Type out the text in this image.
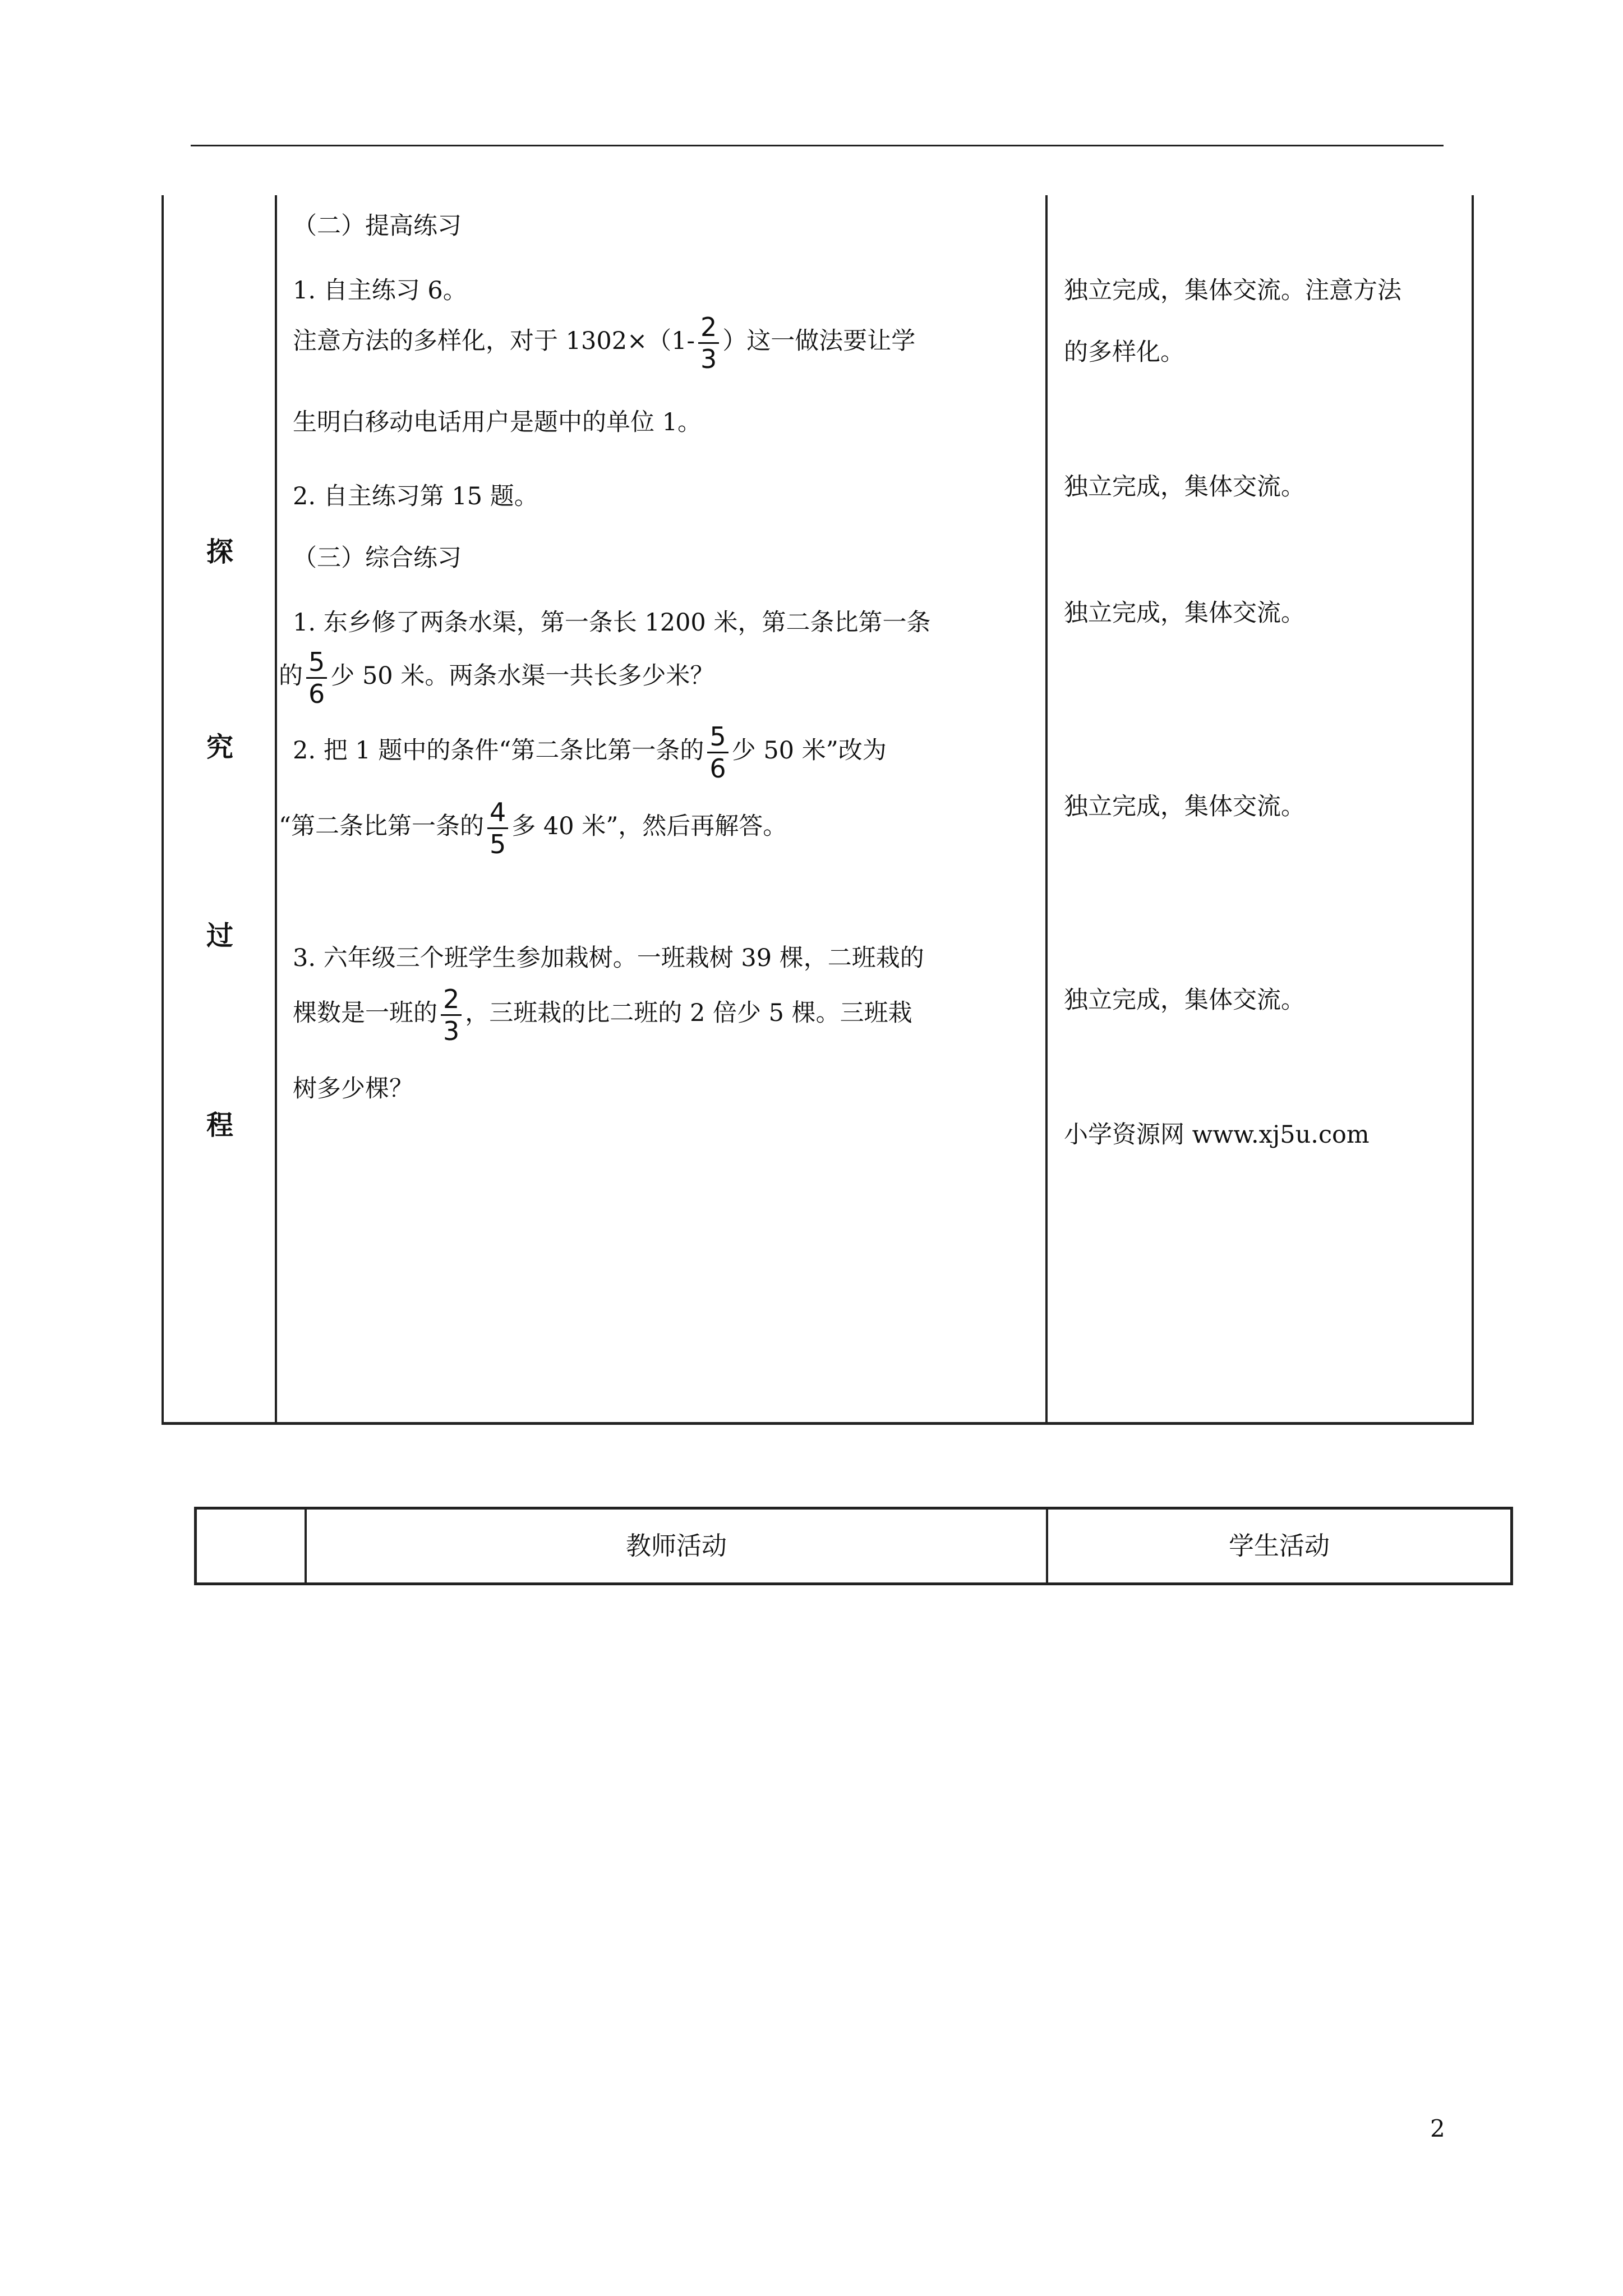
探
究
过
程
（二）提高练习
1. 自主练习 6。
注意方法的多样化，对于 $1302\times(1- \frac{2}{3}$ ）这一做法要让学
生明白移动电话用户是题中的单位 1。
2. 自主练习第 15 题。
（三）综合练习
1. 东乡修了两条水渠，第一条长 1200 米，第二条比第一条
的 $\frac{5}{6}$ 少 50 米。两条水渠一共长多少米？
2. 把 1 题中的条件“第二条比第一条的 $\frac{5}{6}$ 少 50 米”改为
“第二条比第一条的 $\frac{4}{5}$ 多 40 米”，然后再解答。
3. 六年级三个班学生参加栽树。一班栽树 39 棵，二班栽的
棵数是一班的 $\frac{2}{3}$ ，三班栽的比二班的 2 倍少 5 棵。三班栽
树多少棵？
独立完成，集体交流。注意方法
的多样化。
独立完成，集体交流。
独立完成，集体交流。
独立完成，集体交流。
独立完成，集体交流。
小学资源网 www.xj5u.com
教师活动	学生活动
2
